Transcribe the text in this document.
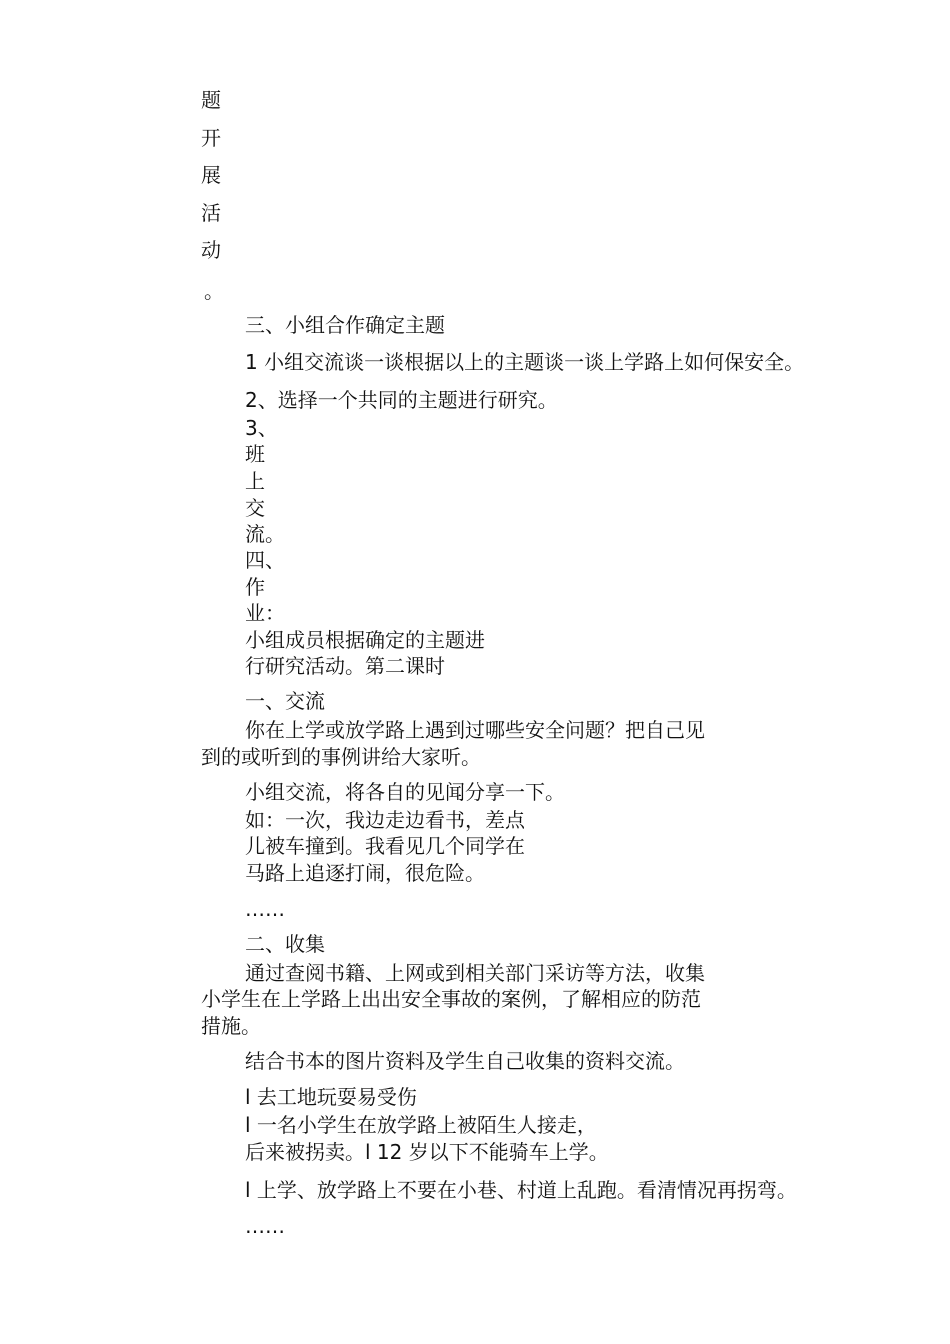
题

开

展

活

动

。

三、小组合作确定主题

1 小组交流谈一谈根据以上的主题谈一谈上学路上如何保安全。

2、选择一个共同的主题进行研究。

3、

班

上

交

流。

四、

作

业：

小组成员根据确定的主题进

行研究活动。第二课时

一、交流

你在上学或放学路上遇到过哪些安全问题？把自己见

到的或听到的事例讲给大家听。

小组交流，将各自的见闻分享一下。

如：一次，我边走边看书，差点

儿被车撞到。我看见几个同学在

马路上追逐打闹，很危险。

……

二、收集

通过查阅书籍、上网或到相关部门采访等方法，收集

小学生在上学路上出出安全事故的案例，了解相应的防范

措施。

结合书本的图片资料及学生自己收集的资料交流。

l 去工地玩耍易受伤

l 一名小学生在放学路上被陌生人接走，

后来被拐卖。l 12 岁以下不能骑车上学。

l 上学、放学路上不要在小巷、村道上乱跑。看清情况再拐弯。

……
